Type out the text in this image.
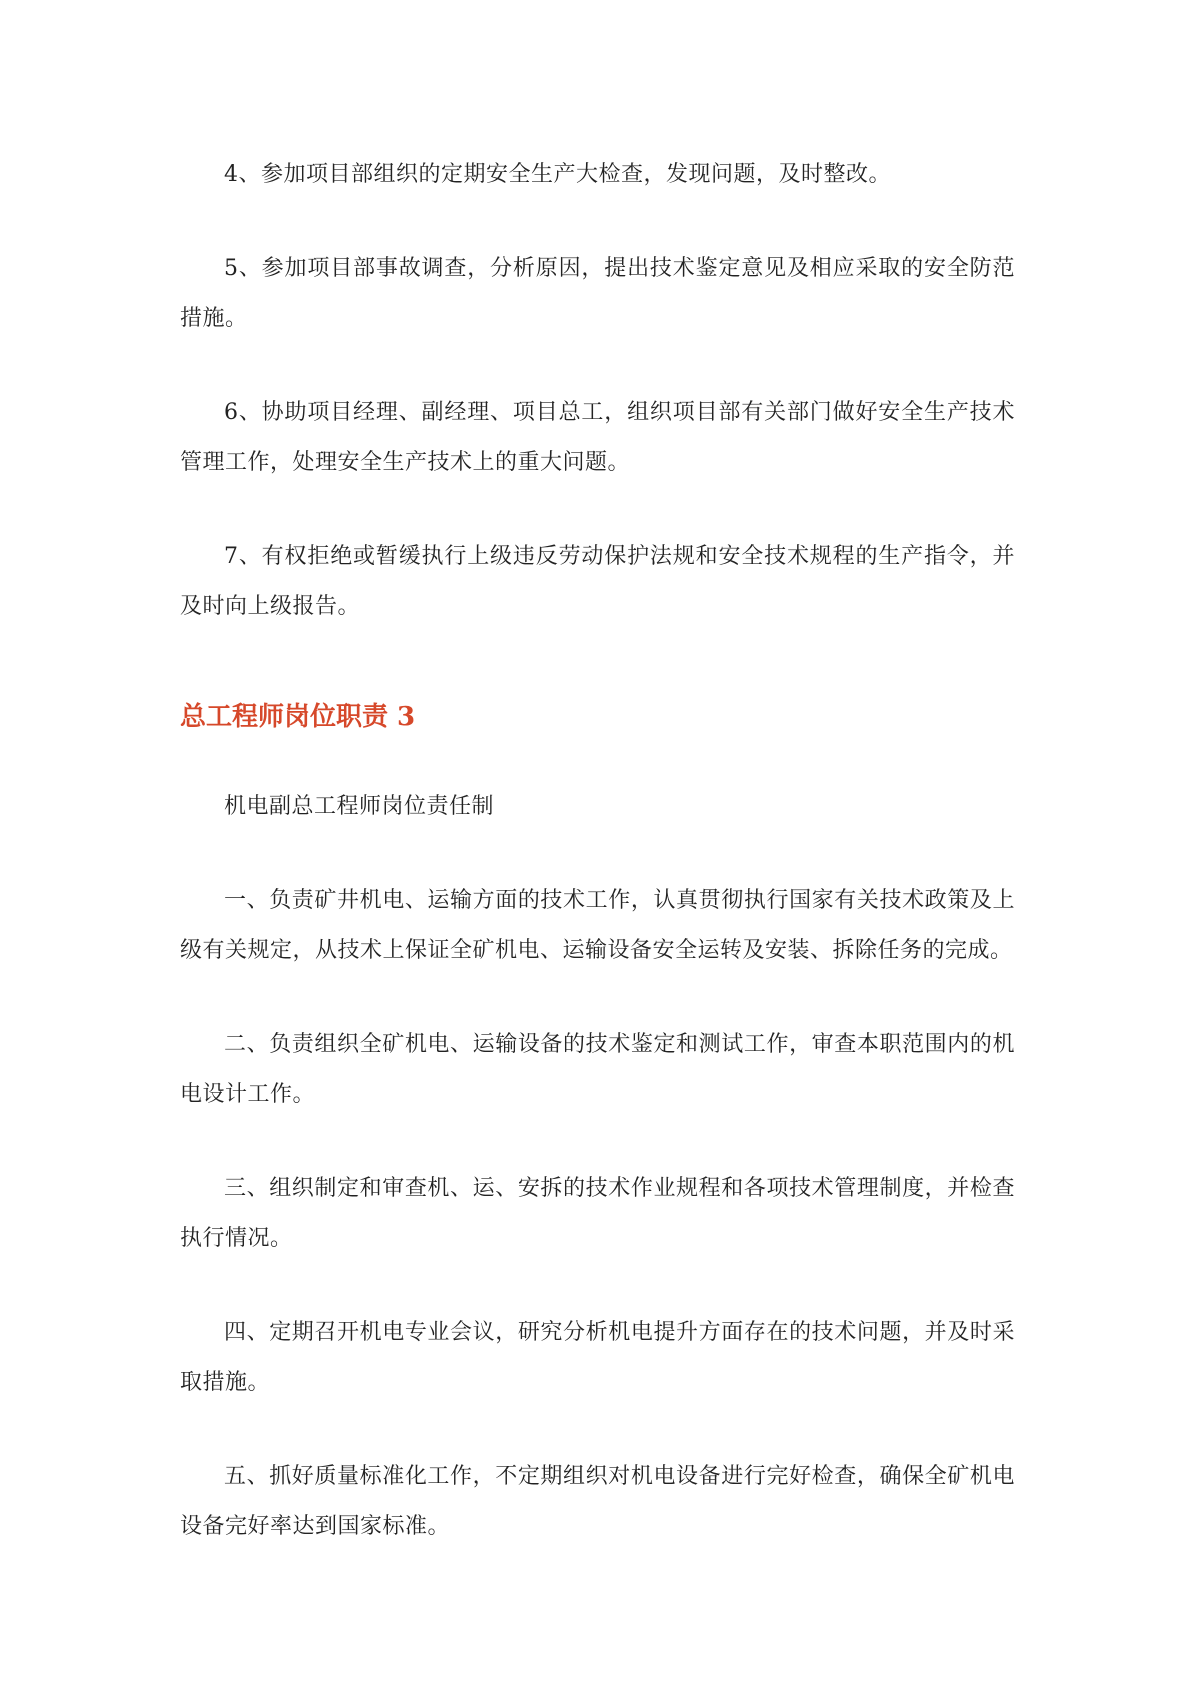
4、参加项目部组织的定期安全生产大检查，发现问题，及时整改。

5、参加项目部事故调查，分析原因，提出技术鉴定意见及相应采取的安全防范措施。

6、协助项目经理、副经理、项目总工，组织项目部有关部门做好安全生产技术管理工作，处理安全生产技术上的重大问题。

7、有权拒绝或暂缓执行上级违反劳动保护法规和安全技术规程的生产指令，并及时向上级报告。

总工程师岗位职责 3

机电副总工程师岗位责任制

一、负责矿井机电、运输方面的技术工作，认真贯彻执行国家有关技术政策及上级有关规定，从技术上保证全矿机电、运输设备安全运转及安装、拆除任务的完成。

二、负责组织全矿机电、运输设备的技术鉴定和测试工作，审查本职范围内的机电设计工作。

三、组织制定和审查机、运、安拆的技术作业规程和各项技术管理制度，并检查执行情况。

四、定期召开机电专业会议，研究分析机电提升方面存在的技术问题，并及时采取措施。

五、抓好质量标准化工作，不定期组织对机电设备进行完好检查，确保全矿机电设备完好率达到国家标准。
